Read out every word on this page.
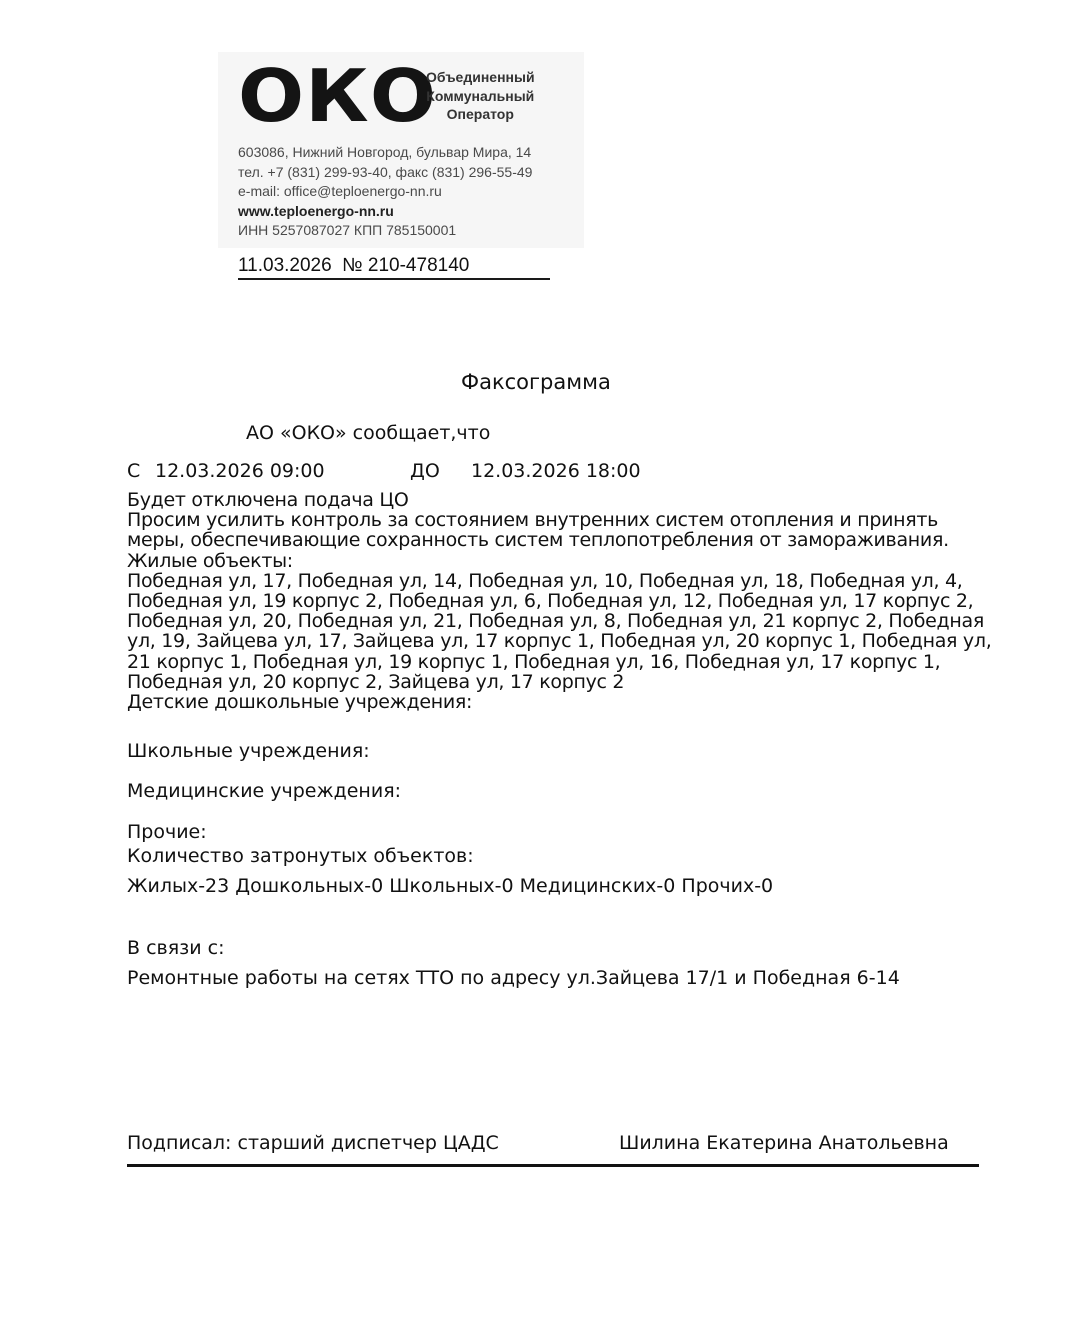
ОКО
Объединенный
Коммунальный
Оператор
603086, Нижний Новгород, бульвар Мира, 14
тел. +7 (831) 299-93-40, факс (831) 296-55-49
e-mail: office@teploenergo-nn.ru
www.teploenergo-nn.ru
ИНН 5257087027 КПП 785150001
11.03.2026  № 210-478140
Факсограмма
АО «ОКО» сообщает,что
С 12.03.2026 09:00	ДО 12.03.2026 18:00
Будет отключена подача ЦО
Просим усилить контроль за состоянием внутренних систем отопления и принять
меры, обеспечивающие сохранность систем теплопотребления от замораживания.
Жилые объекты:
Победная ул, 17, Победная ул, 14, Победная ул, 10, Победная ул, 18, Победная ул, 4,
Победная ул, 19 корпус 2, Победная ул, 6, Победная ул, 12, Победная ул, 17 корпус 2,
Победная ул, 20, Победная ул, 21, Победная ул, 8, Победная ул, 21 корпус 2, Победная
ул, 19, Зайцева ул, 17, Зайцева ул, 17 корпус 1, Победная ул, 20 корпус 1, Победная ул,
21 корпус 1, Победная ул, 19 корпус 1, Победная ул, 16, Победная ул, 17 корпус 1,
Победная ул, 20 корпус 2, Зайцева ул, 17 корпус 2
Детские дошкольные учреждения:
Школьные учреждения:
Медицинские учреждения:
Прочие:
Количество затронутых объектов:
Жилых-23 Дошкольных-0 Школьных-0 Медицинских-0 Прочих-0
В связи с:
Ремонтные работы на сетях ТТО по адресу ул.Зайцева 17/1 и Победная 6-14
Подписал: старший диспетчер ЦАДС	Шилина Екатерина Анатольевна
